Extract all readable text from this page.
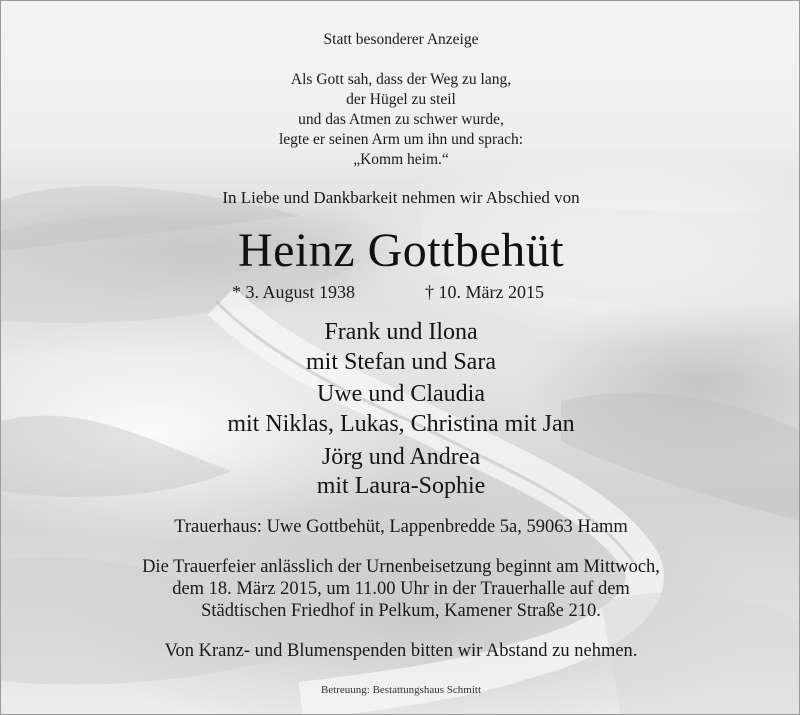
Statt besonderer Anzeige

Als Gott sah, dass der Weg zu lang,

der Hügel zu steil

und das Atmen zu schwer wurde,

legte er seinen Arm um ihn und sprach:

„Komm heim.“

In Liebe und Dankbarkeit nehmen wir Abschied von

Heinz Gottbehüt

* 3. August 1938	† 10. März 2015

Frank und Ilona

mit Stefan und Sara

Uwe und Claudia

mit Niklas, Lukas, Christina mit Jan

Jörg und Andrea

mit Laura-Sophie

Trauerhaus: Uwe Gottbehüt, Lappenbredde 5a, 59063 Hamm

Die Trauerfeier anlässlich der Urnenbeisetzung beginnt am Mittwoch,

dem 18. März 2015, um 11.00 Uhr in der Trauerhalle auf dem

Städtischen Friedhof in Pelkum, Kamener Straße 210.

Von Kranz- und Blumenspenden bitten wir Abstand zu nehmen.

Betreuung: Bestattungshaus Schmitt
